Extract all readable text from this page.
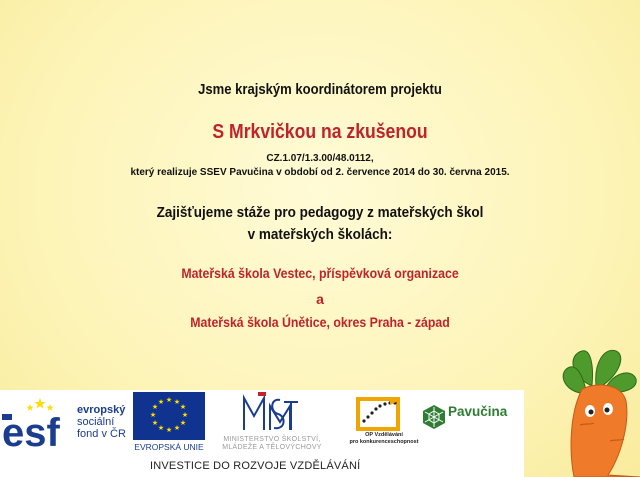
Jsme krajským koordinátorem projektu
S Mrkvičkou na zkušenou
CZ.1.07/1.3.00/48.0112,
který realizuje SSEV Pavučina v období od 2. července 2014 do 30. června 2015.
Zajišťujeme stáže pro pedagogy z mateřských škol
v mateřských školách:
Mateřská škola Vestec, příspěvková organizace
a
Mateřská škola Únětice, okres Praha - západ
esf
evropský
sociální
fond v ČR
★ ★
★
★
★
★
★
★
★
★
★
★
EVROPSKÁ UNIE
MINISTERSTVO ŠKOLSTVÍ,
MLÁDEŽE A TĚLOVÝCHOVY
OP Vzdělávání
pro konkurenceschopnost
Pavučina
INVESTICE DO ROZVOJE VZDĚLÁVÁNÍ
